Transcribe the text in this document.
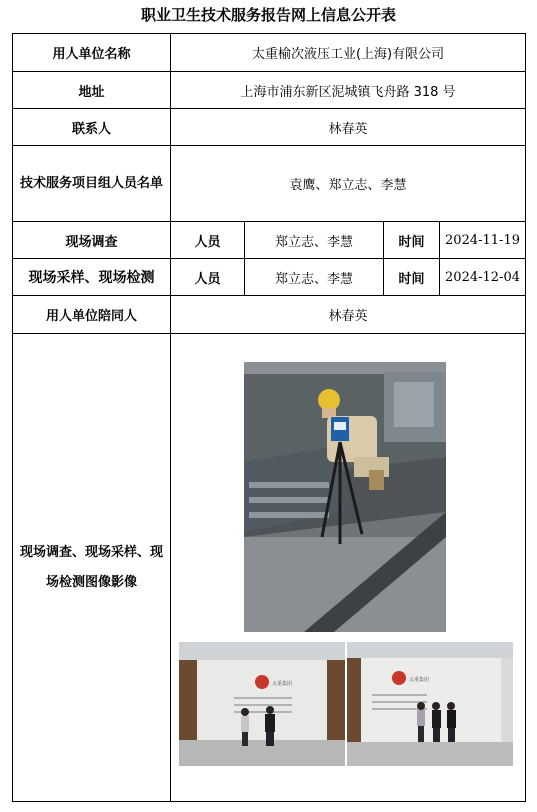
职业卫生技术服务报告网上信息公开表
用人单位名称	太重榆次液压工业(上海)有限公司			
地址	上海市浦东新区泥城镇飞舟路 318 号			
联系人	林春英			
技术服务项目组人员名单	袁鹰、郑立志、李慧			
现场调查	人员	郑立志、李慧	时间	2024-11-19
现场采样、现场检测	人员	郑立志、李慧	时间	2024-12-04
用人单位陪同人	林春英			
现场调查、现场采样、现场检测图像影像	太重集团
太重集团			
